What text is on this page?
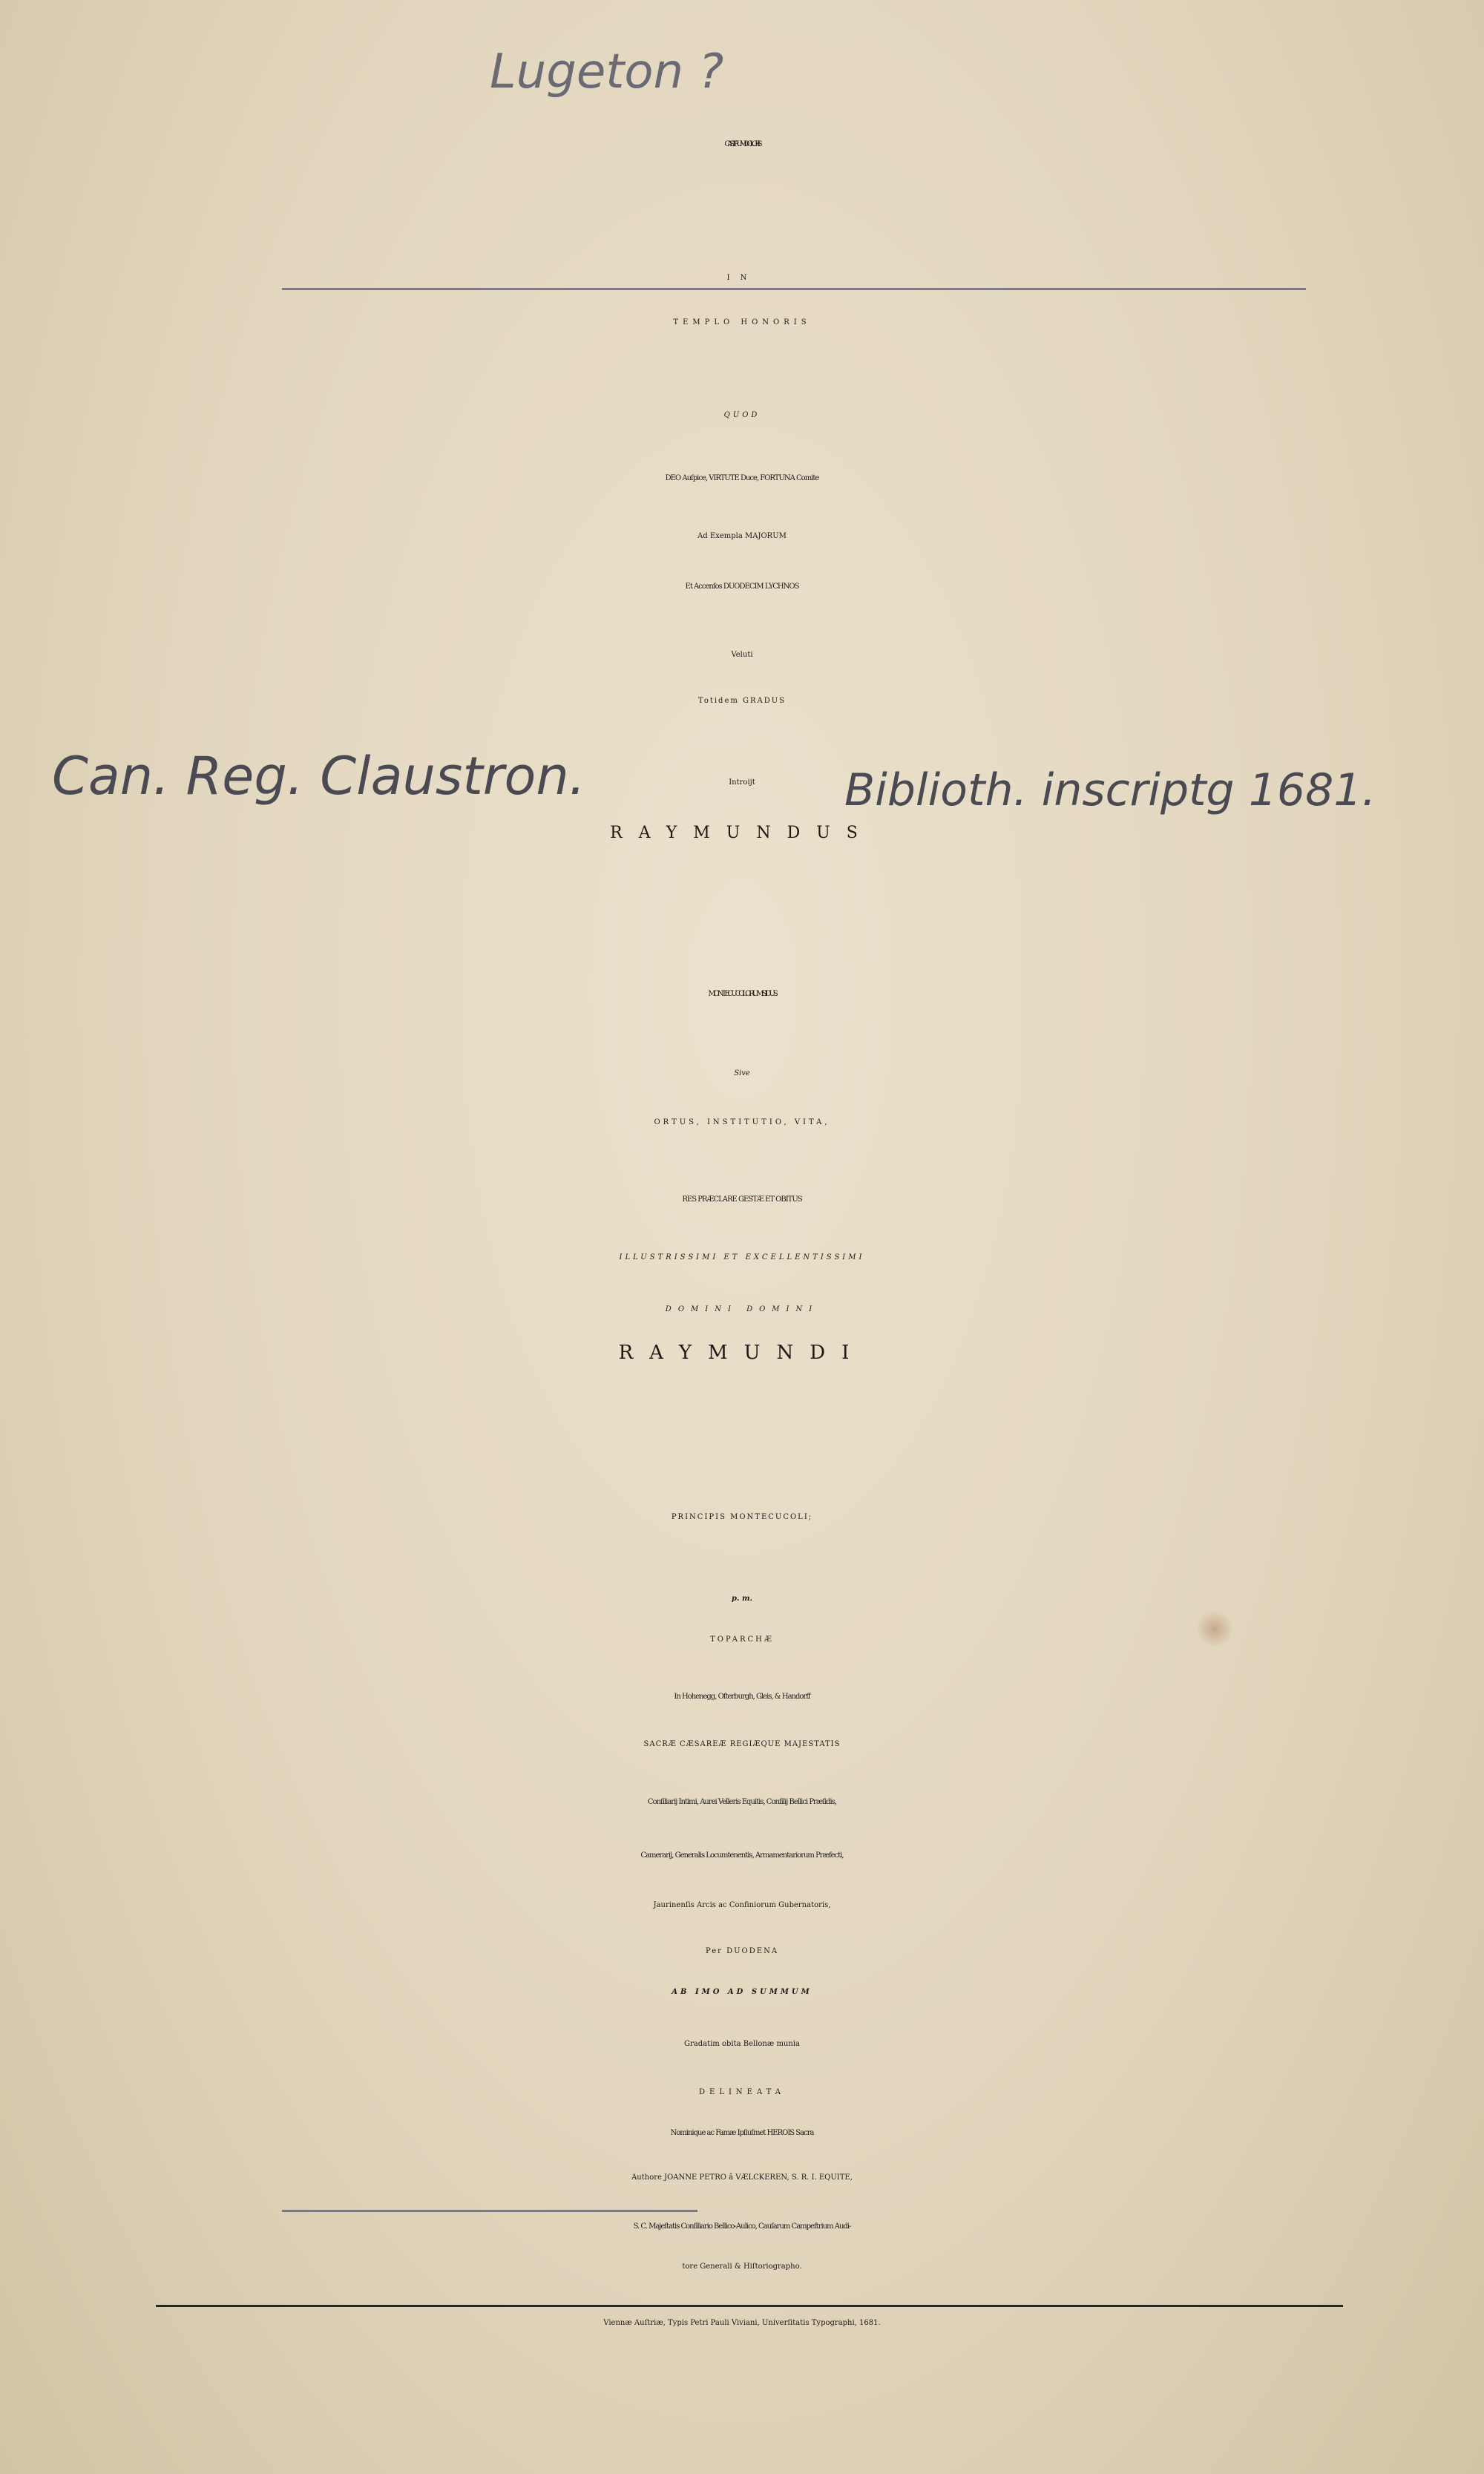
Lugeton ?

CASTRUM DOLORIS

IN

TEMPLO HONORIS

QUOD

DEO Auſpice, VIRTUTE Duce, FORTUNA Comite

Ad Exempla MAJORUM

Et Accenſos DUODECIM LYCHNOS

Veluti

Totidem GRADUS

Can. Reg. Claustron.	Introijt	Biblioth. inscriptg 1681.

RAYMUNDUS

MONTECUCOLORUM SIDUS.

Sive

ORTUS, INSTITUTIO, VITA,

RES PRÆCLARE GESTÆ ET OBITUS

ILLUSTRISSIMI ET EXCELLENTISSIMI

DOMINI DOMINI

RAYMUNDI

PRINCIPIS MONTECUCOLI;

p. m.

TOPARCHÆ

In Hohenegg, Oſterburgh, Gleis, & Handorff

SACRÆ CÆSAREÆ REGIÆQUE MAJESTATIS

Conſiliarij Intimi, Aurei Velleris Equitis, Conſilij Bellici Præſidis,

Camerarij, Generalis Locumtenentis, Armamentariorum Præfecti,

Jaurinenſis Arcis ac Confiniorum Gubernatoris,

Per DUODENA

AB IMO AD SUMMUM

Gradatim obita Bellonæ munia

DELINEATA

Nominique ac Famæ Ipſiuſmet HEROIS Sacra

Authore JOANNE PETRO â VÆLCKEREN, S. R. I. EQUITE,

S. C. Majeſtatis Conſiliario Bellico-Aulico, Cauſarum Campeſtrium Audi-

tore Generali & Hiſtoriographo.

Viennæ Auſtriæ, Typis Petri Pauli Viviani, Univerſitatis Typographi, 1681.
